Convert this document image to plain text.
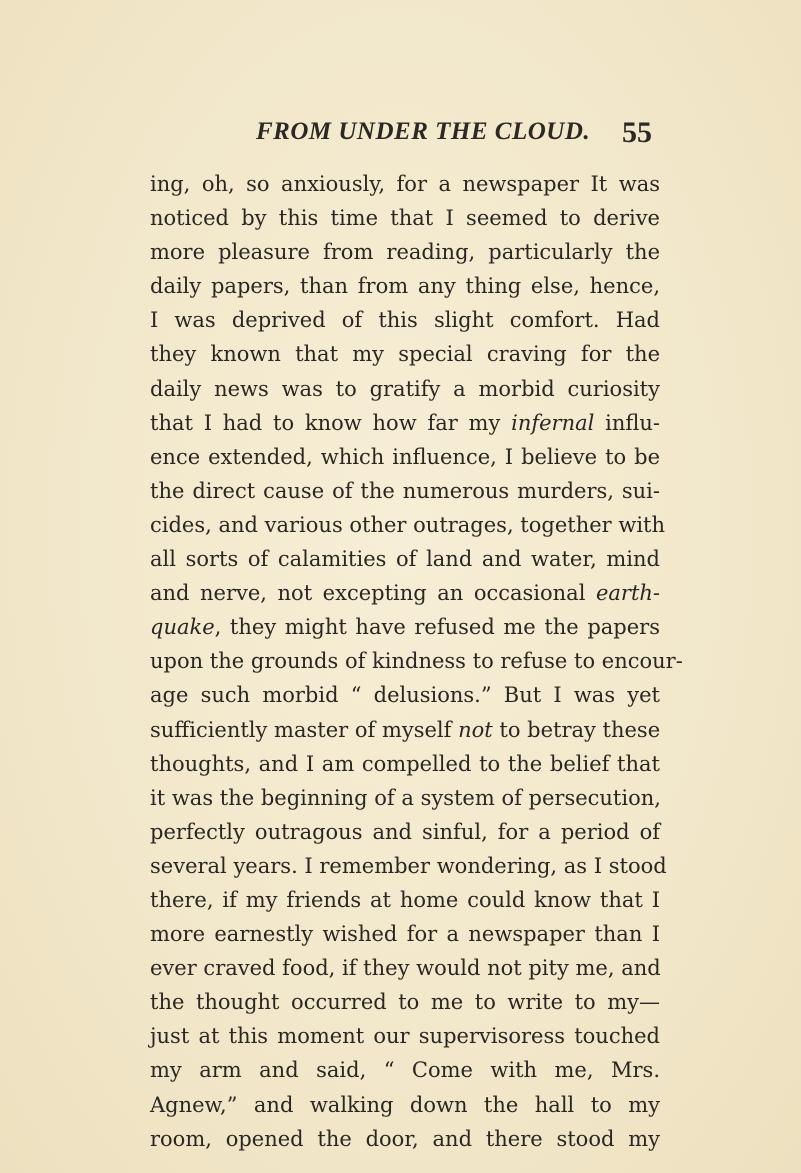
FROM UNDER THE CLOUD. 55
ing, oh, so anxiously, for a newspaper It was
noticed by this time that I seemed to derive
more pleasure from reading, particularly the
daily papers, than from any thing else, hence,
I was deprived of this slight comfort. Had
they known that my special craving for the
daily news was to gratify a morbid curiosity
that I had to know how far my infernal influ-
ence extended, which influence, I believe to be
the direct cause of the numerous murders, sui-
cides, and various other outrages, together with
all sorts of calamities of land and water, mind
and nerve, not excepting an occasional earth-
quake, they might have refused me the papers
upon the grounds of kindness to refuse to encour-
age such morbid “ delusions.” But I was yet
sufficiently master of myself not to betray these
thoughts, and I am compelled to the belief that
it was the beginning of a system of persecution,
perfectly outragous and sinful, for a period of
several years. I remember wondering, as I stood
there, if my friends at home could know that I
more earnestly wished for a newspaper than I
ever craved food, if they would not pity me, and
the thought occurred to me to write to my—
just at this moment our supervisoress touched
my arm and said, “ Come with me, Mrs.
Agnew,” and walking down the hall to my
room, opened the door, and there stood my
